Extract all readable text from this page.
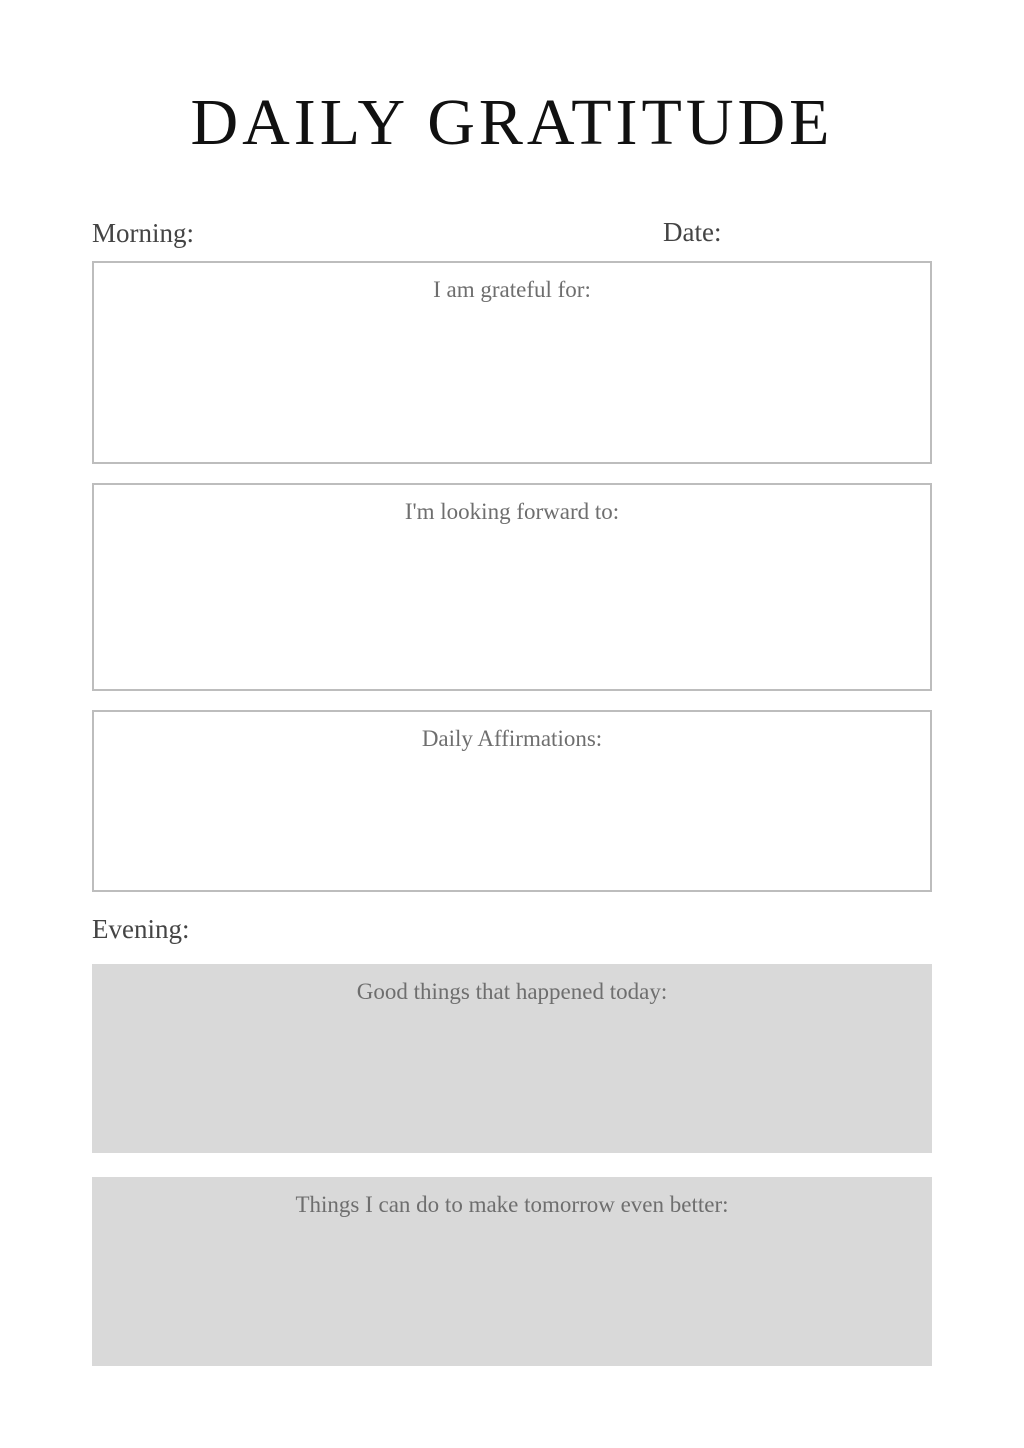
DAILY GRATITUDE
Morning:	Date:
I am grateful for:
I'm looking forward to:
Daily Affirmations:
Evening:
Good things that happened today:
Things I can do to make tomorrow even better:
